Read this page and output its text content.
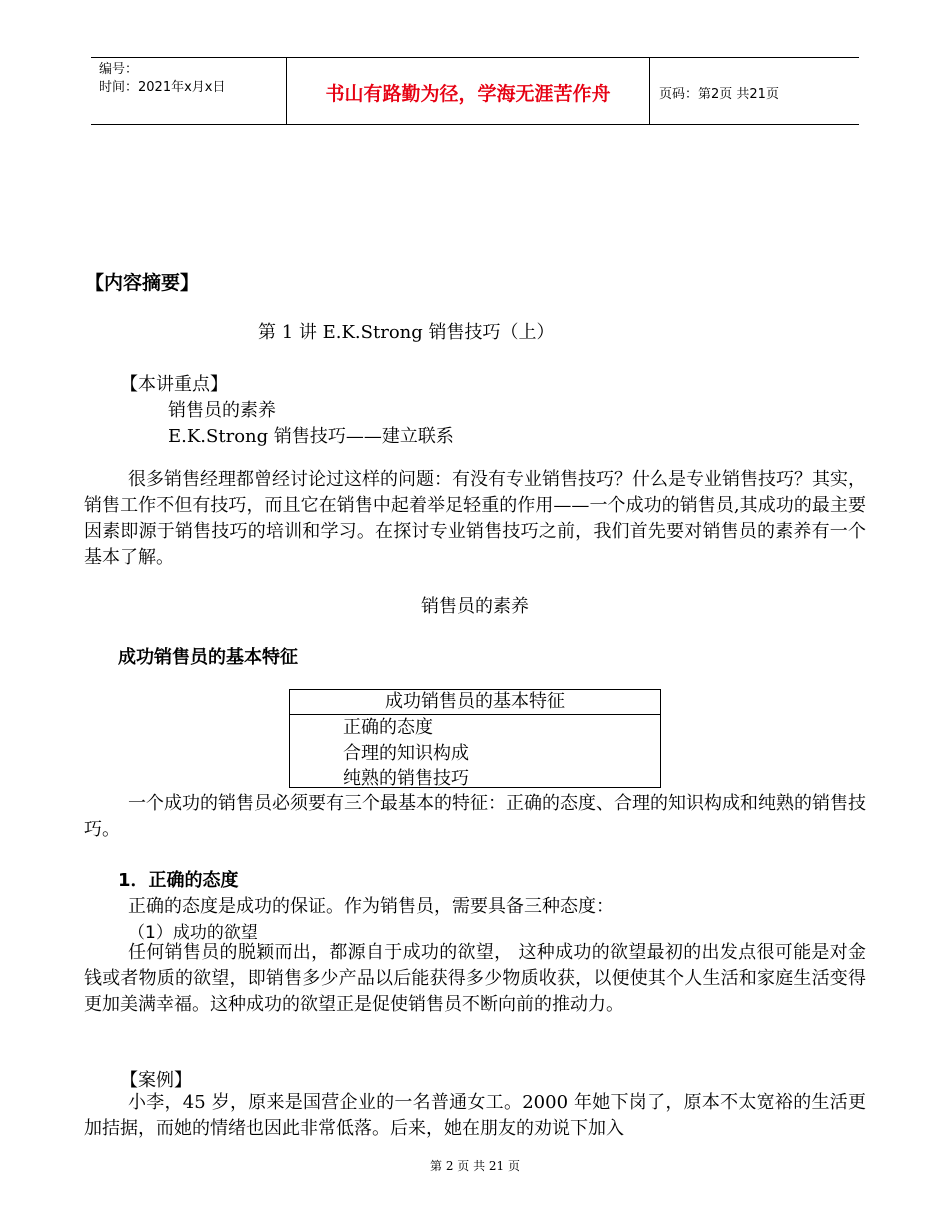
编号：
时间：2021年x月x日	书山有路勤为径，学海无涯苦作舟	页码：第2页 共21页
【内容摘要】
第 1 讲 E.K.Strong 销售技巧（上）
【本讲重点】
销售员的素养
E.K.Strong 销售技巧——建立联系
很多销售经理都曾经讨论过这样的问题：有没有专业销售技巧？什么是专业销售技巧？其实，销售工作不但有技巧，而且它在销售中起着举足轻重的作用——一个成功的销售员,其成功的最主要因素即源于销售技巧的培训和学习。在探讨专业销售技巧之前，我们首先要对销售员的素养有一个基本了解。
销售员的素养
成功销售员的基本特征
成功销售员的基本特征
正确的态度
合理的知识构成
纯熟的销售技巧
一个成功的销售员必须要有三个最基本的特征：正确的态度、合理的知识构成和纯熟的销售技巧。
1．正确的态度
正确的态度是成功的保证。作为销售员，需要具备三种态度：
（1）成功的欲望
任何销售员的脱颖而出，都源自于成功的欲望， 这种成功的欲望最初的出发点很可能是对金钱或者物质的欲望，即销售多少产品以后能获得多少物质收获，以便使其个人生活和家庭生活变得更加美满幸福。这种成功的欲望正是促使销售员不断向前的推动力。
【案例】
小李，45 岁，原来是国营企业的一名普通女工。2000 年她下岗了，原本不太宽裕的生活更加拮据，而她的情绪也因此非常低落。后来，她在朋友的劝说下加入
第 2 页 共 21 页
